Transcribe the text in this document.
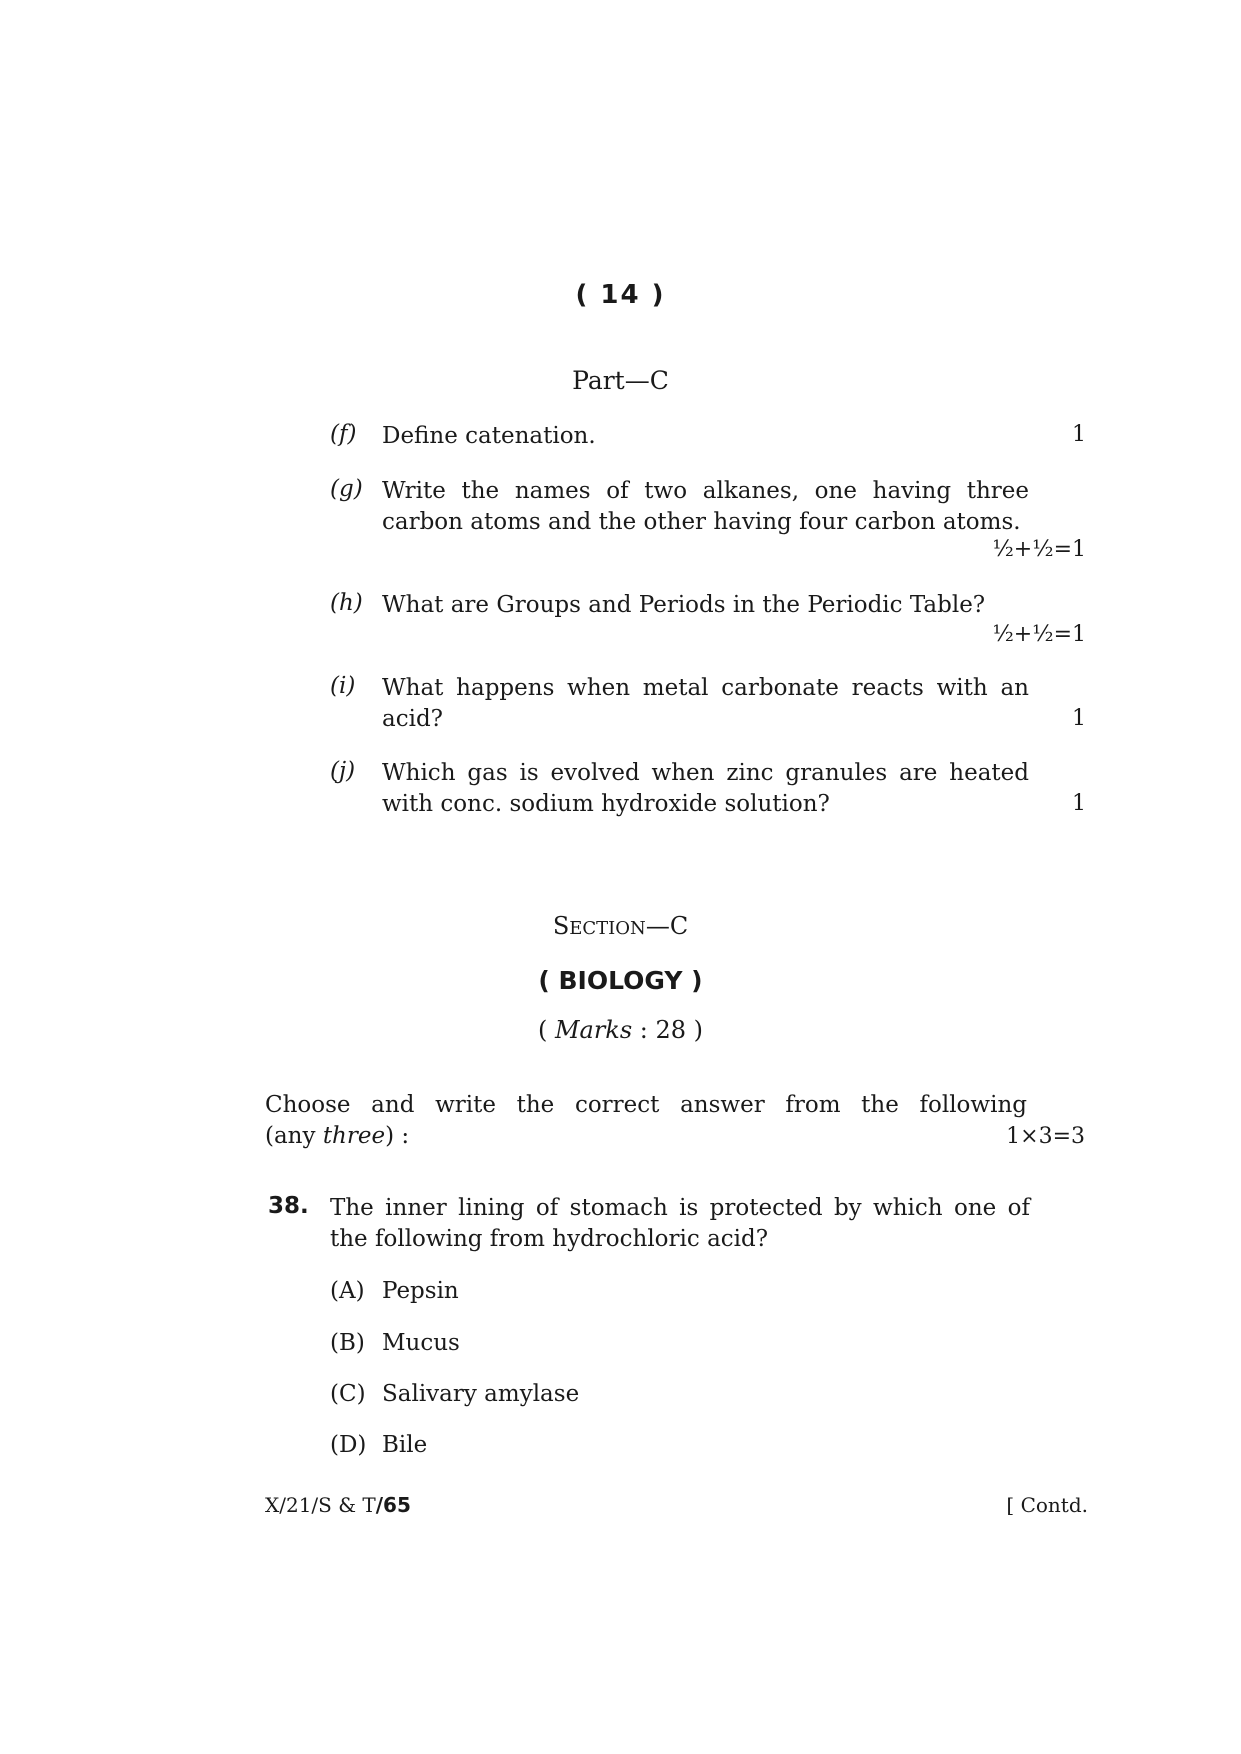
( 14 )
Part—C
(f)	Define catenation.	1
(g) Write the names of two alkanes, one having three carbon atoms and the other having four carbon atoms.
½+½=1
(h) What are Groups and Periods in the Periodic Table?
½+½=1
(i)	What happens when metal carbonate reacts with an acid?	1
(j)	Which gas is evolved when zinc granules are heated with conc. sodium hydroxide solution?	1
SECTION—C
( BIOLOGY )
( Marks : 28 )
Choose and write the correct answer from the following
(any three) :	1×3=3
38. The inner lining of stomach is protected by which one of the following from hydrochloric acid?
(A) Pepsin
(B) Mucus
(C) Salivary amylase
(D) Bile
X/21/S & T/65	[ Contd.
